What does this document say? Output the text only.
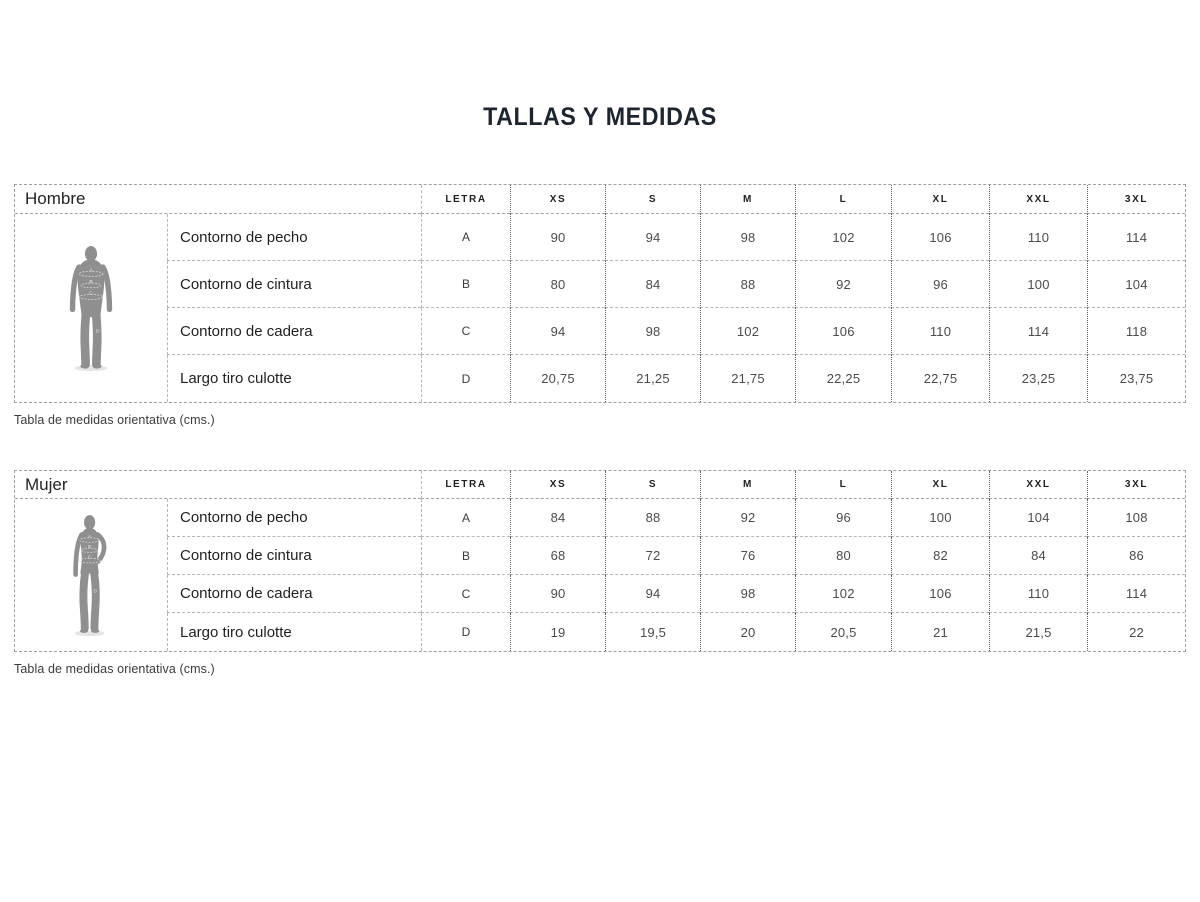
TALLAS Y MEDIDAS
Hombre
A
B
C
D
LETRA	XS	S	M	L	XL	XXL	3XL
Contorno de pecho	A	90	94	98	102	106	110	114
Contorno de cintura	B	80	84	88	92	96	100	104
Contorno de cadera	C	94	98	102	106	110	114	118
Largo tiro culotte	D	20,75	21,25	21,75	22,25	22,75	23,25	23,75

Tabla de medidas orientativa (cms.)

Mujer
A
B
C
D
LETRA	XS	S	M	L	XL	XXL	3XL
Contorno de pecho	A	84	88	92	96	100	104	108
Contorno de cintura	B	68	72	76	80	82	84	86
Contorno de cadera	C	90	94	98	102	106	110	114
Largo tiro culotte	D	19	19,5	20	20,5	21	21,5	22

Tabla de medidas orientativa (cms.)
